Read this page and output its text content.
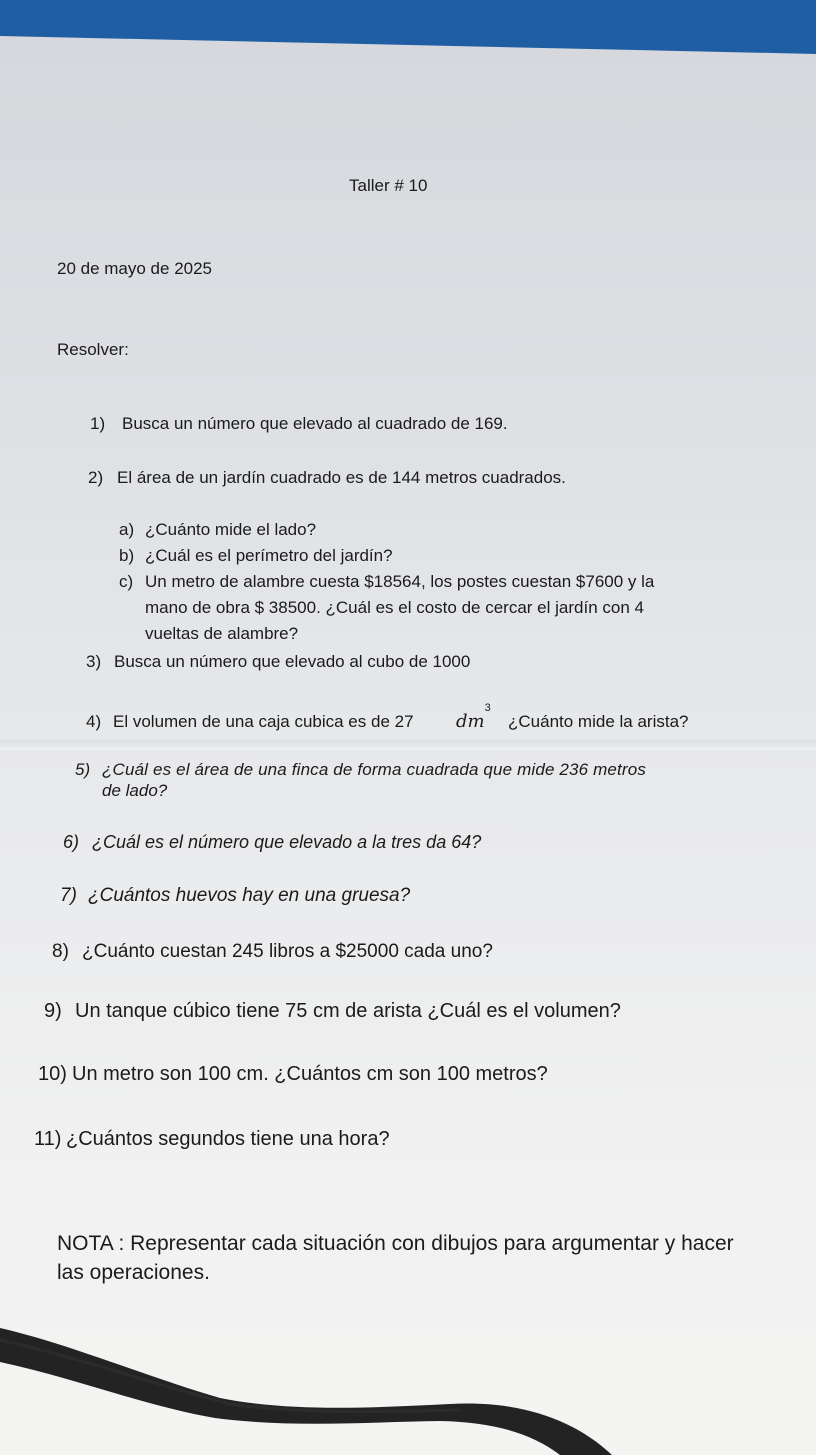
Taller # 10
20 de mayo de 2025
Resolver:
1) Busca un número que elevado al cuadrado de 169.
2) El área de un jardín cuadrado es de 144 metros cuadrados.
a) ¿Cuánto mide el lado?
b) ¿Cuál es el perímetro del jardín?
c) Un metro de alambre cuesta $18564, los postes cuestan $7600 y la
mano de obra $ 38500. ¿Cuál es el costo de cercar el jardín con 4
vueltas de alambre?
3) Busca un número que elevado al cubo de 1000
4) El volumen de una caja cubica es de 27 $dm^3$
¿Cuánto mide la arista?
5) ¿Cuál es el área de una finca de forma cuadrada que mide 236 metros
de lado?
6) ¿Cuál es el número que elevado a la tres da 64?
7) ¿Cuántos huevos hay en una gruesa?
8) ¿Cuánto cuestan 245 libros a $25000 cada uno?
9) Un tanque cúbico tiene 75 cm de arista ¿Cuál es el volumen?
10) Un metro son 100 cm. ¿Cuántos cm son 100 metros?
11) ¿Cuántos segundos tiene una hora?
NOTA : Representar cada situación con dibujos para argumentar y hacer
las operaciones.
